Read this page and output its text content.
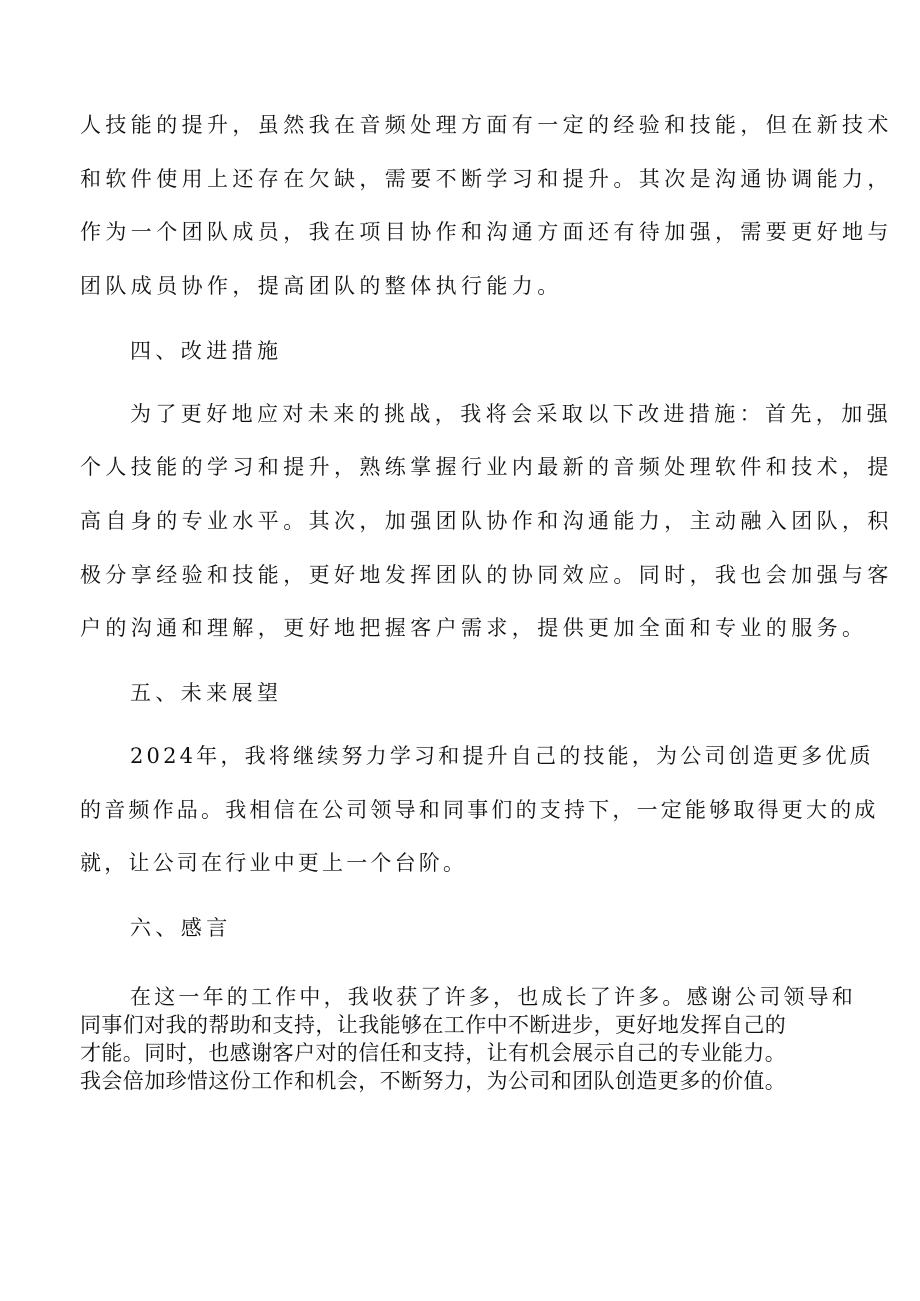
人技能的提升，虽然我在音频处理方面有一定的经验和技能，但在新技术
和软件使用上还存在欠缺，需要不断学习和提升。其次是沟通协调能力，
作为一个团队成员，我在项目协作和沟通方面还有待加强，需要更好地与
团队成员协作，提高团队的整体执行能力。
四、改进措施
为了更好地应对未来的挑战，我将会采取以下改进措施：首先，加强
个人技能的学习和提升，熟练掌握行业内最新的音频处理软件和技术，提
高自身的专业水平。其次，加强团队协作和沟通能力，主动融入团队，积
极分享经验和技能，更好地发挥团队的协同效应。同时，我也会加强与客
户的沟通和理解，更好地把握客户需求，提供更加全面和专业的服务。
五、未来展望
2024年，我将继续努力学习和提升自己的技能，为公司创造更多优质
的音频作品。我相信在公司领导和同事们的支持下，一定能够取得更大的成
就，让公司在行业中更上一个台阶。
六、感言
在这一年的工作中，我收获了许多，也成长了许多。感谢公司领导和
同事们对我的帮助和支持，让我能够在工作中不断进步，更好地发挥自己的
才能。同时，也感谢客户对的信任和支持，让有机会展示自己的专业能力。
我会倍加珍惜这份工作和机会，不断努力，为公司和团队创造更多的价值。
